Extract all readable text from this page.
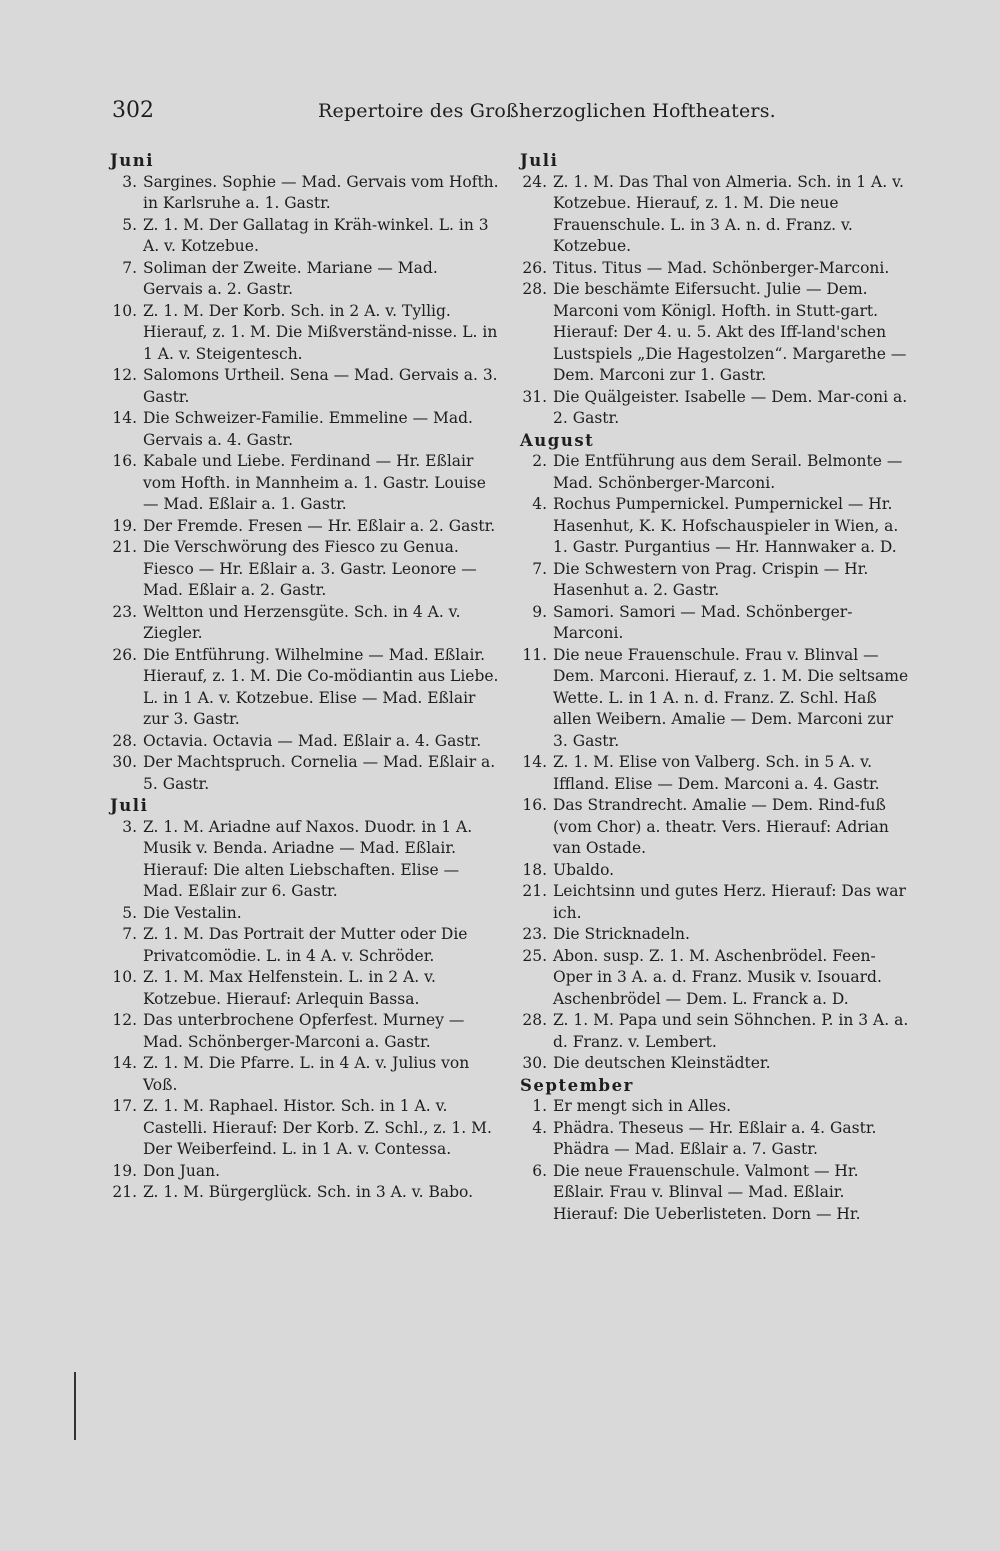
302	Repertoire des Großherzoglichen Hoftheaters.
Juni
3. Sargines. Sophie — Mad. Gervais vom Hofth. in Karlsruhe a. 1. Gastr.
5. Z. 1. M. Der Gallatag in Kräh-winkel. L. in 3 A. v. Kotzebue.
7. Soliman der Zweite. Mariane — Mad. Gervais a. 2. Gastr.
10. Z. 1. M. Der Korb. Sch. in 2 A. v. Tyllig. Hierauf, z. 1. M. Die Mißverständ-nisse. L. in 1 A. v. Steigentesch.
12. Salomons Urtheil. Sena — Mad. Gervais a. 3. Gastr.
14. Die Schweizer-Familie. Emmeline — Mad. Gervais a. 4. Gastr.
16. Kabale und Liebe. Ferdinand — Hr. Eßlair vom Hofth. in Mannheim a. 1. Gastr. Louise — Mad. Eßlair a. 1. Gastr.
19. Der Fremde. Fresen — Hr. Eßlair a. 2. Gastr.
21. Die Verschwörung des Fiesco zu Genua. Fiesco — Hr. Eßlair a. 3. Gastr. Leonore — Mad. Eßlair a. 2. Gastr.
23. Weltton und Herzensgüte. Sch. in 4 A. v. Ziegler.
26. Die Entführung. Wilhelmine — Mad. Eßlair. Hierauf, z. 1. M. Die Co-mödiantin aus Liebe. L. in 1 A. v. Kotzebue. Elise — Mad. Eßlair zur 3. Gastr.
28. Octavia. Octavia — Mad. Eßlair a. 4. Gastr.
30. Der Machtspruch. Cornelia — Mad. Eßlair a. 5. Gastr.
Juli
3. Z. 1. M. Ariadne auf Naxos. Duodr. in 1 A. Musik v. Benda. Ariadne — Mad. Eßlair. Hierauf: Die alten Liebschaften. Elise — Mad. Eßlair zur 6. Gastr.
5. Die Vestalin.
7. Z. 1. M. Das Portrait der Mutter oder Die Privatcomödie. L. in 4 A. v. Schröder.
10. Z. 1. M. Max Helfenstein. L. in 2 A. v. Kotzebue. Hierauf: Arlequin Bassa.
12. Das unterbrochene Opferfest. Murney — Mad. Schönberger-Marconi a. Gastr.
14. Z. 1. M. Die Pfarre. L. in 4 A. v. Julius von Voß.
17. Z. 1. M. Raphael. Histor. Sch. in 1 A. v. Castelli. Hierauf: Der Korb. Z. Schl., z. 1. M. Der Weiberfeind. L. in 1 A. v. Contessa.
19. Don Juan.
21. Z. 1. M. Bürgerglück. Sch. in 3 A. v. Babo.
Juli
24. Z. 1. M. Das Thal von Almeria. Sch. in 1 A. v. Kotzebue. Hierauf, z. 1. M. Die neue Frauenschule. L. in 3 A. n. d. Franz. v. Kotzebue.
26. Titus. Titus — Mad. Schönberger-Marconi.
28. Die beschämte Eifersucht. Julie — Dem. Marconi vom Königl. Hofth. in Stutt-gart. Hierauf: Der 4. u. 5. Akt des Iff-land'schen Lustspiels „Die Hagestolzen“. Margarethe — Dem. Marconi zur 1. Gastr.
31. Die Quälgeister. Isabelle — Dem. Mar-coni a. 2. Gastr.
August
2. Die Entführung aus dem Serail. Belmonte — Mad. Schönberger-Marconi.
4. Rochus Pumpernickel. Pumpernickel — Hr. Hasenhut, K. K. Hofschauspieler in Wien, a. 1. Gastr. Purgantius — Hr. Hannwaker a. D.
7. Die Schwestern von Prag. Crispin — Hr. Hasenhut a. 2. Gastr.
9. Samori. Samori — Mad. Schönberger-Marconi.
11. Die neue Frauenschule. Frau v. Blinval — Dem. Marconi. Hierauf, z. 1. M. Die seltsame Wette. L. in 1 A. n. d. Franz. Z. Schl. Haß allen Weibern. Amalie — Dem. Marconi zur 3. Gastr.
14. Z. 1. M. Elise von Valberg. Sch. in 5 A. v. Iffland. Elise — Dem. Marconi a. 4. Gastr.
16. Das Strandrecht. Amalie — Dem. Rind-fuß (vom Chor) a. theatr. Vers. Hierauf: Adrian van Ostade.
18. Ubaldo.
21. Leichtsinn und gutes Herz. Hierauf: Das war ich.
23. Die Stricknadeln.
25. Abon. susp. Z. 1. M. Aschenbrödel. Feen-Oper in 3 A. a. d. Franz. Musik v. Isouard. Aschenbrödel — Dem. L. Franck a. D.
28. Z. 1. M. Papa und sein Söhnchen. P. in 3 A. a. d. Franz. v. Lembert.
30. Die deutschen Kleinstädter.
September
1. Er mengt sich in Alles.
4. Phädra. Theseus — Hr. Eßlair a. 4. Gastr. Phädra — Mad. Eßlair a. 7. Gastr.
6. Die neue Frauenschule. Valmont — Hr. Eßlair. Frau v. Blinval — Mad. Eßlair. Hierauf: Die Ueberlisteten. Dorn — Hr.
